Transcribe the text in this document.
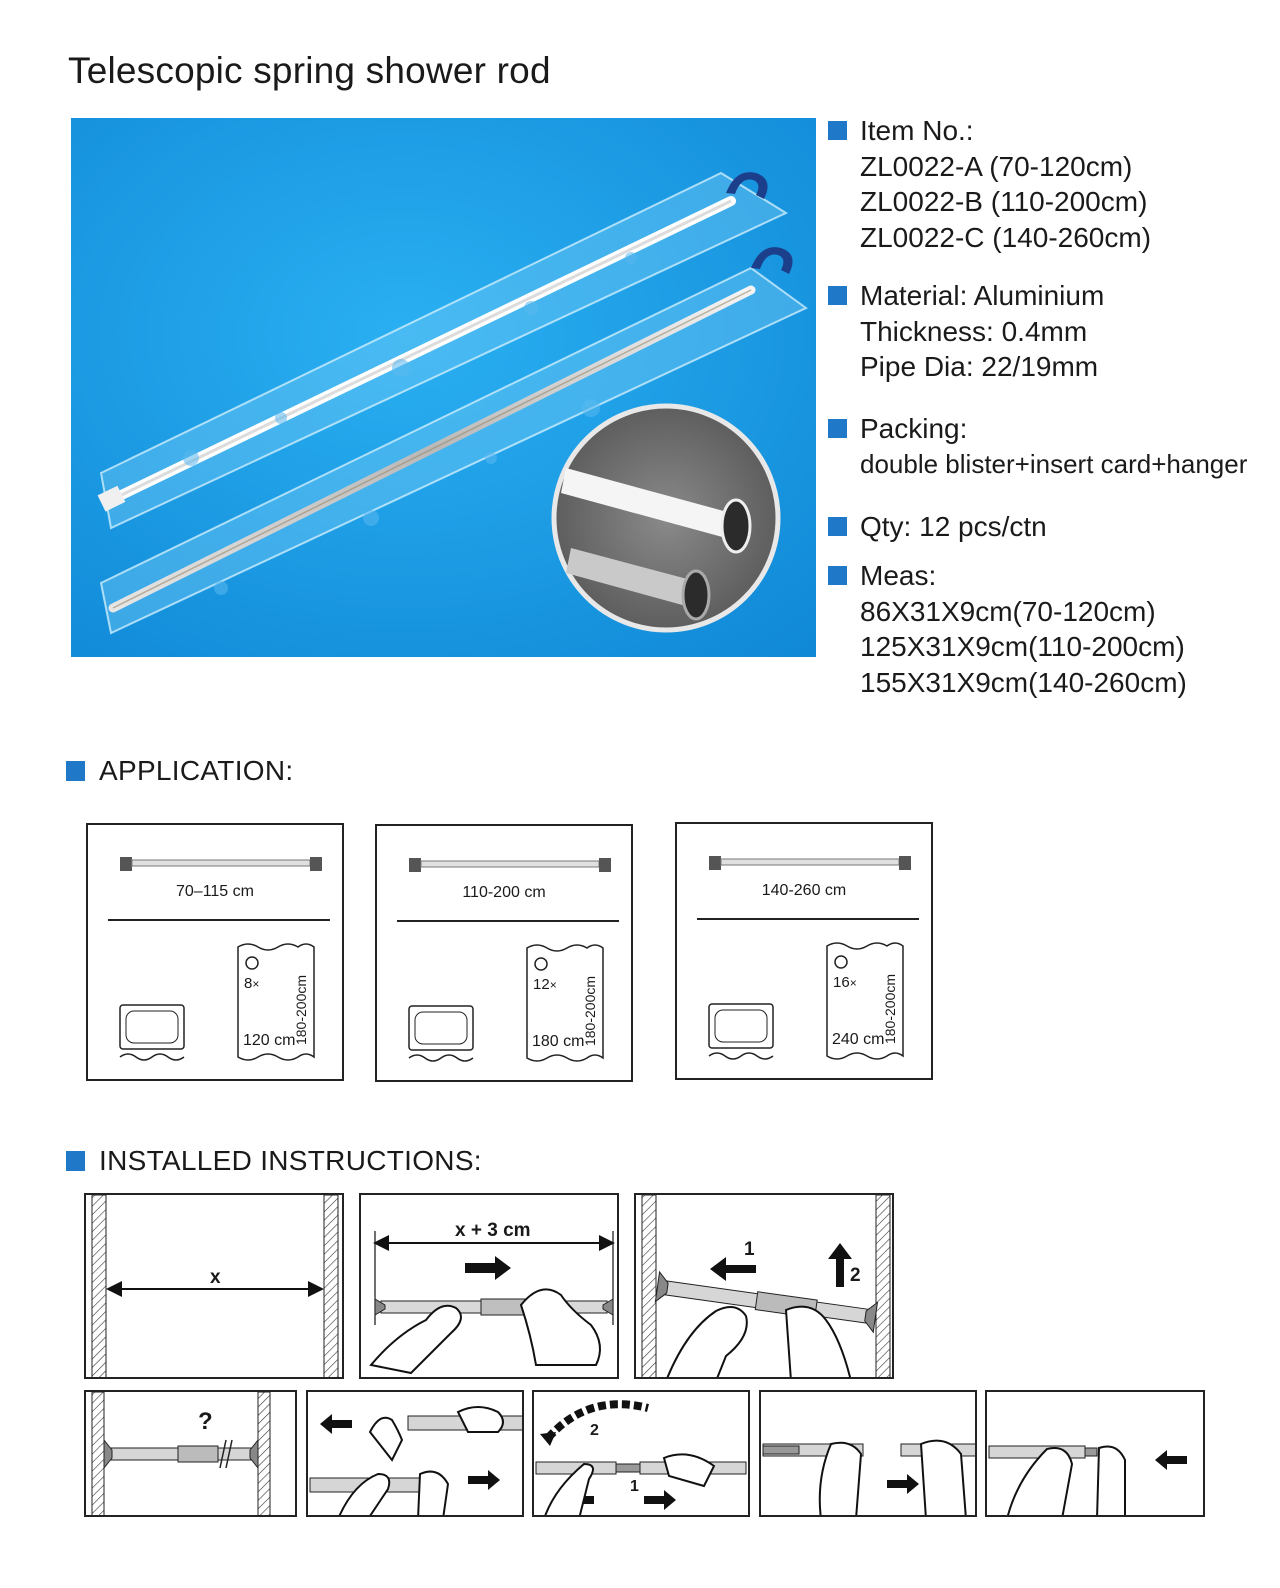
Telescopic spring shower rod
Item No.:
ZL0022-A (70-120cm)
ZL0022-B (110-200cm)
ZL0022-C (140-260cm)
Material: Aluminium
Thickness: 0.4mm
Pipe Dia: 22/19mm
Packing:
double blister+insert card+hanger
Qty: 12 pcs/ctn
Meas:
86X31X9cm(70-120cm)
125X31X9cm(110-200cm)
155X31X9cm(140-260cm)
APPLICATION:
70–115 cm
8×
120 cm
180-200cm
110-200 cm
12×
180 cm
180-200cm
140-260 cm
16×
240 cm
180-200cm
INSTALLED INSTRUCTIONS:
x
x + 3 cm
1
2
?	2
1
